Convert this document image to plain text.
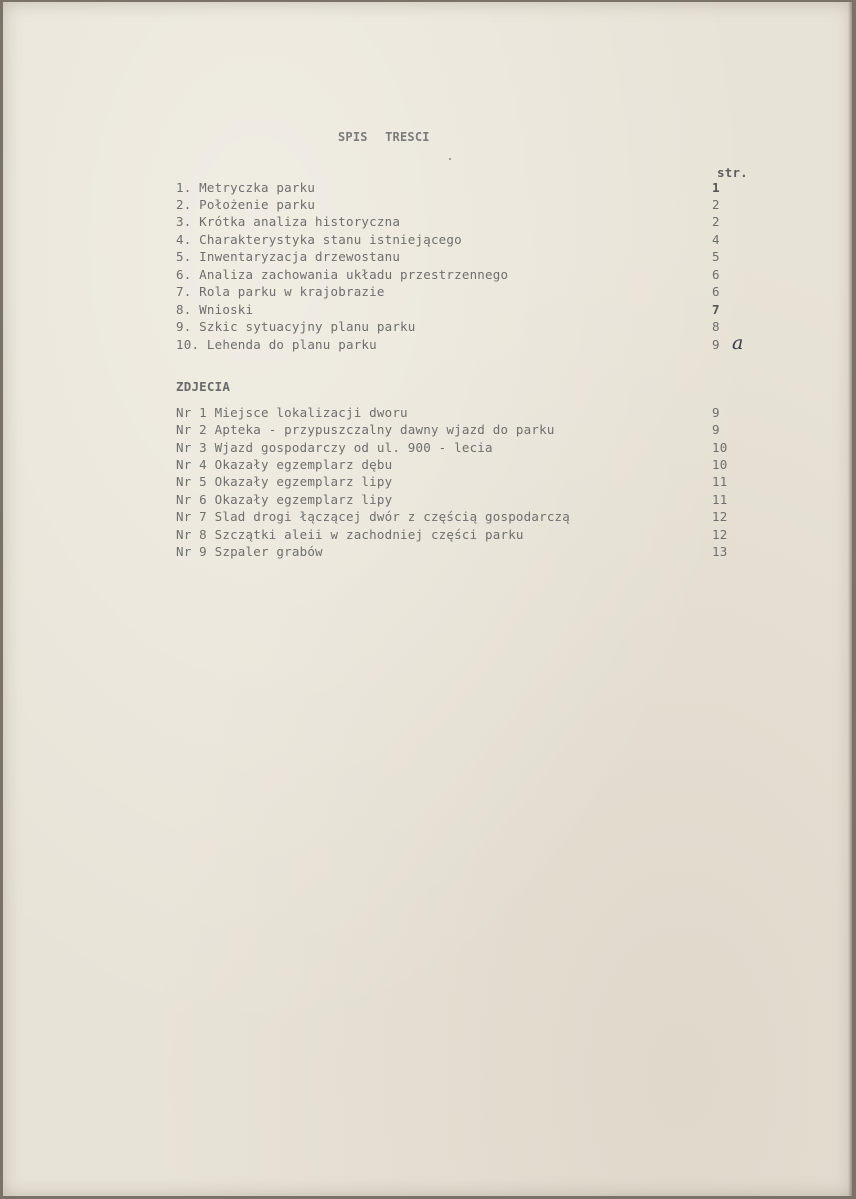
SPIS TRESCI
str.
1. Metryczka parku	1
2. Położenie parku	2
3. Krótka analiza historyczna	2
4. Charakterystyka stanu istniejącego	4
5. Inwentaryzacja drzewostanu	5
6. Analiza zachowania układu przestrzennego	6
7. Rola parku w krajobrazie	6
8. Wnioski	7
9. Szkic sytuacyjny planu parku	8
10. Lehenda do planu parku	9 a
ZDJECIA
Nr 1 Miejsce lokalizacji dworu	9
Nr 2 Apteka - przypuszczalny dawny wjazd do parku	9
Nr 3 Wjazd gospodarczy od ul. 900 - lecia	10
Nr 4 Okazały egzemplarz dębu	10
Nr 5 Okazały egzemplarz lipy	11
Nr 6 Okazały egzemplarz lipy	11
Nr 7 Slad drogi łączącej dwór z częścią gospodarczą	12
Nr 8 Szczątki aleii w zachodniej części parku	12
Nr 9 Szpaler grabów	13
